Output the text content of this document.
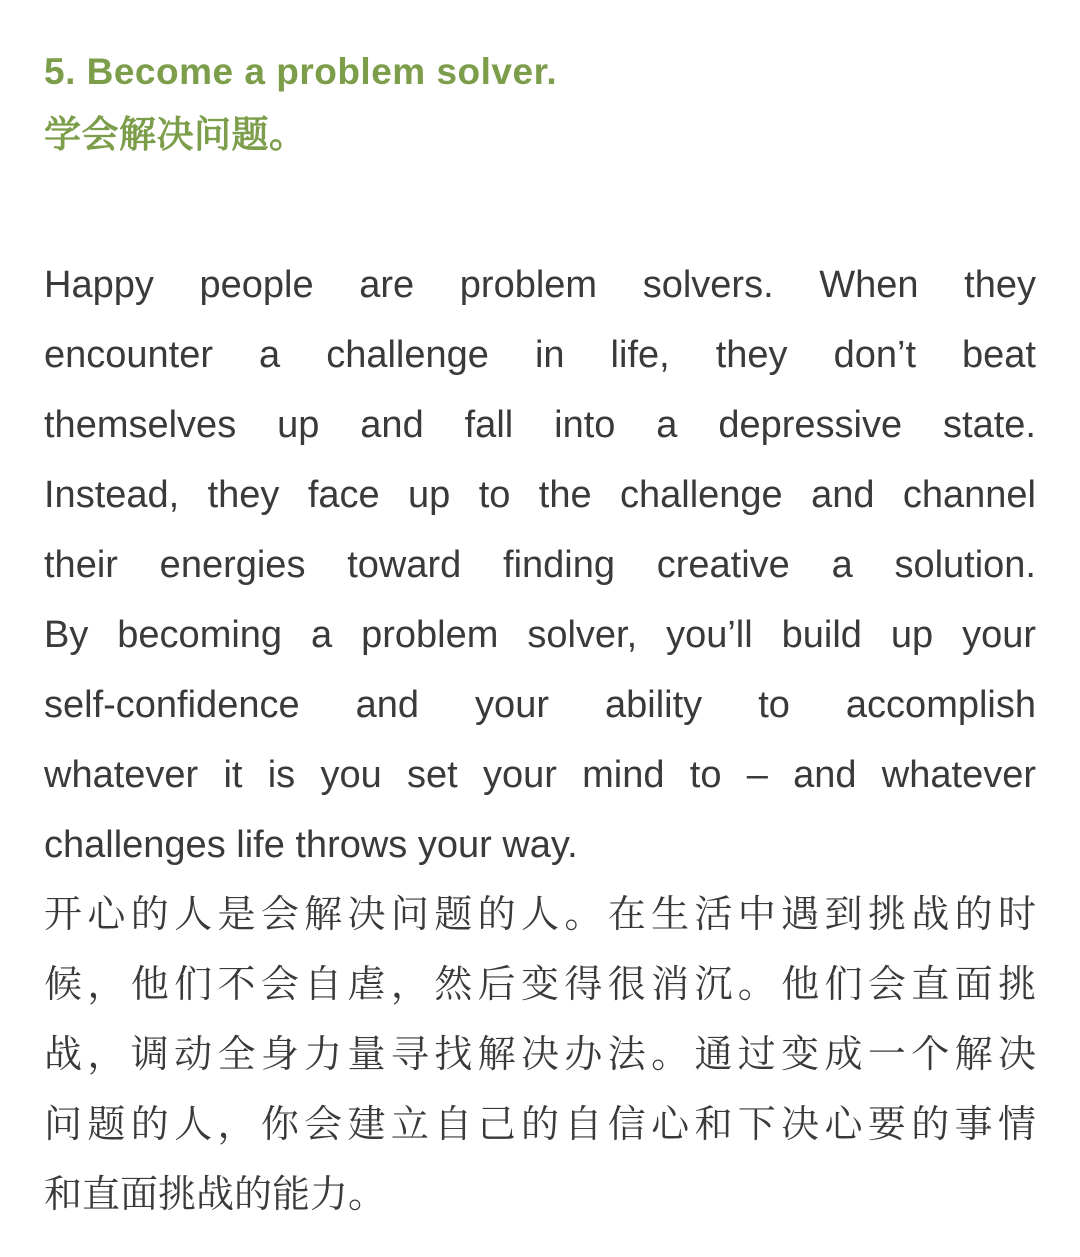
5. Become a problem solver.
学会解决问题。
Happy people are problem solvers. When they
encounter a challenge in life, they don’t beat
themselves up and fall into a depressive state.
Instead, they face up to the challenge and channel
their energies toward finding creative a solution.
By becoming a problem solver, you’ll build up your
self-confidence and your ability to accomplish
whatever it is you set your mind to – and whatever
challenges life throws your way.
开心的人是会解决问题的人。在生活中遇到挑战的时
候，他们不会自虐，然后变得很消沉。他们会直面挑
战，调动全身力量寻找解决办法。通过变成一个解决
问题的人，你会建立自己的自信心和下决心要的事情
和直面挑战的能力。
